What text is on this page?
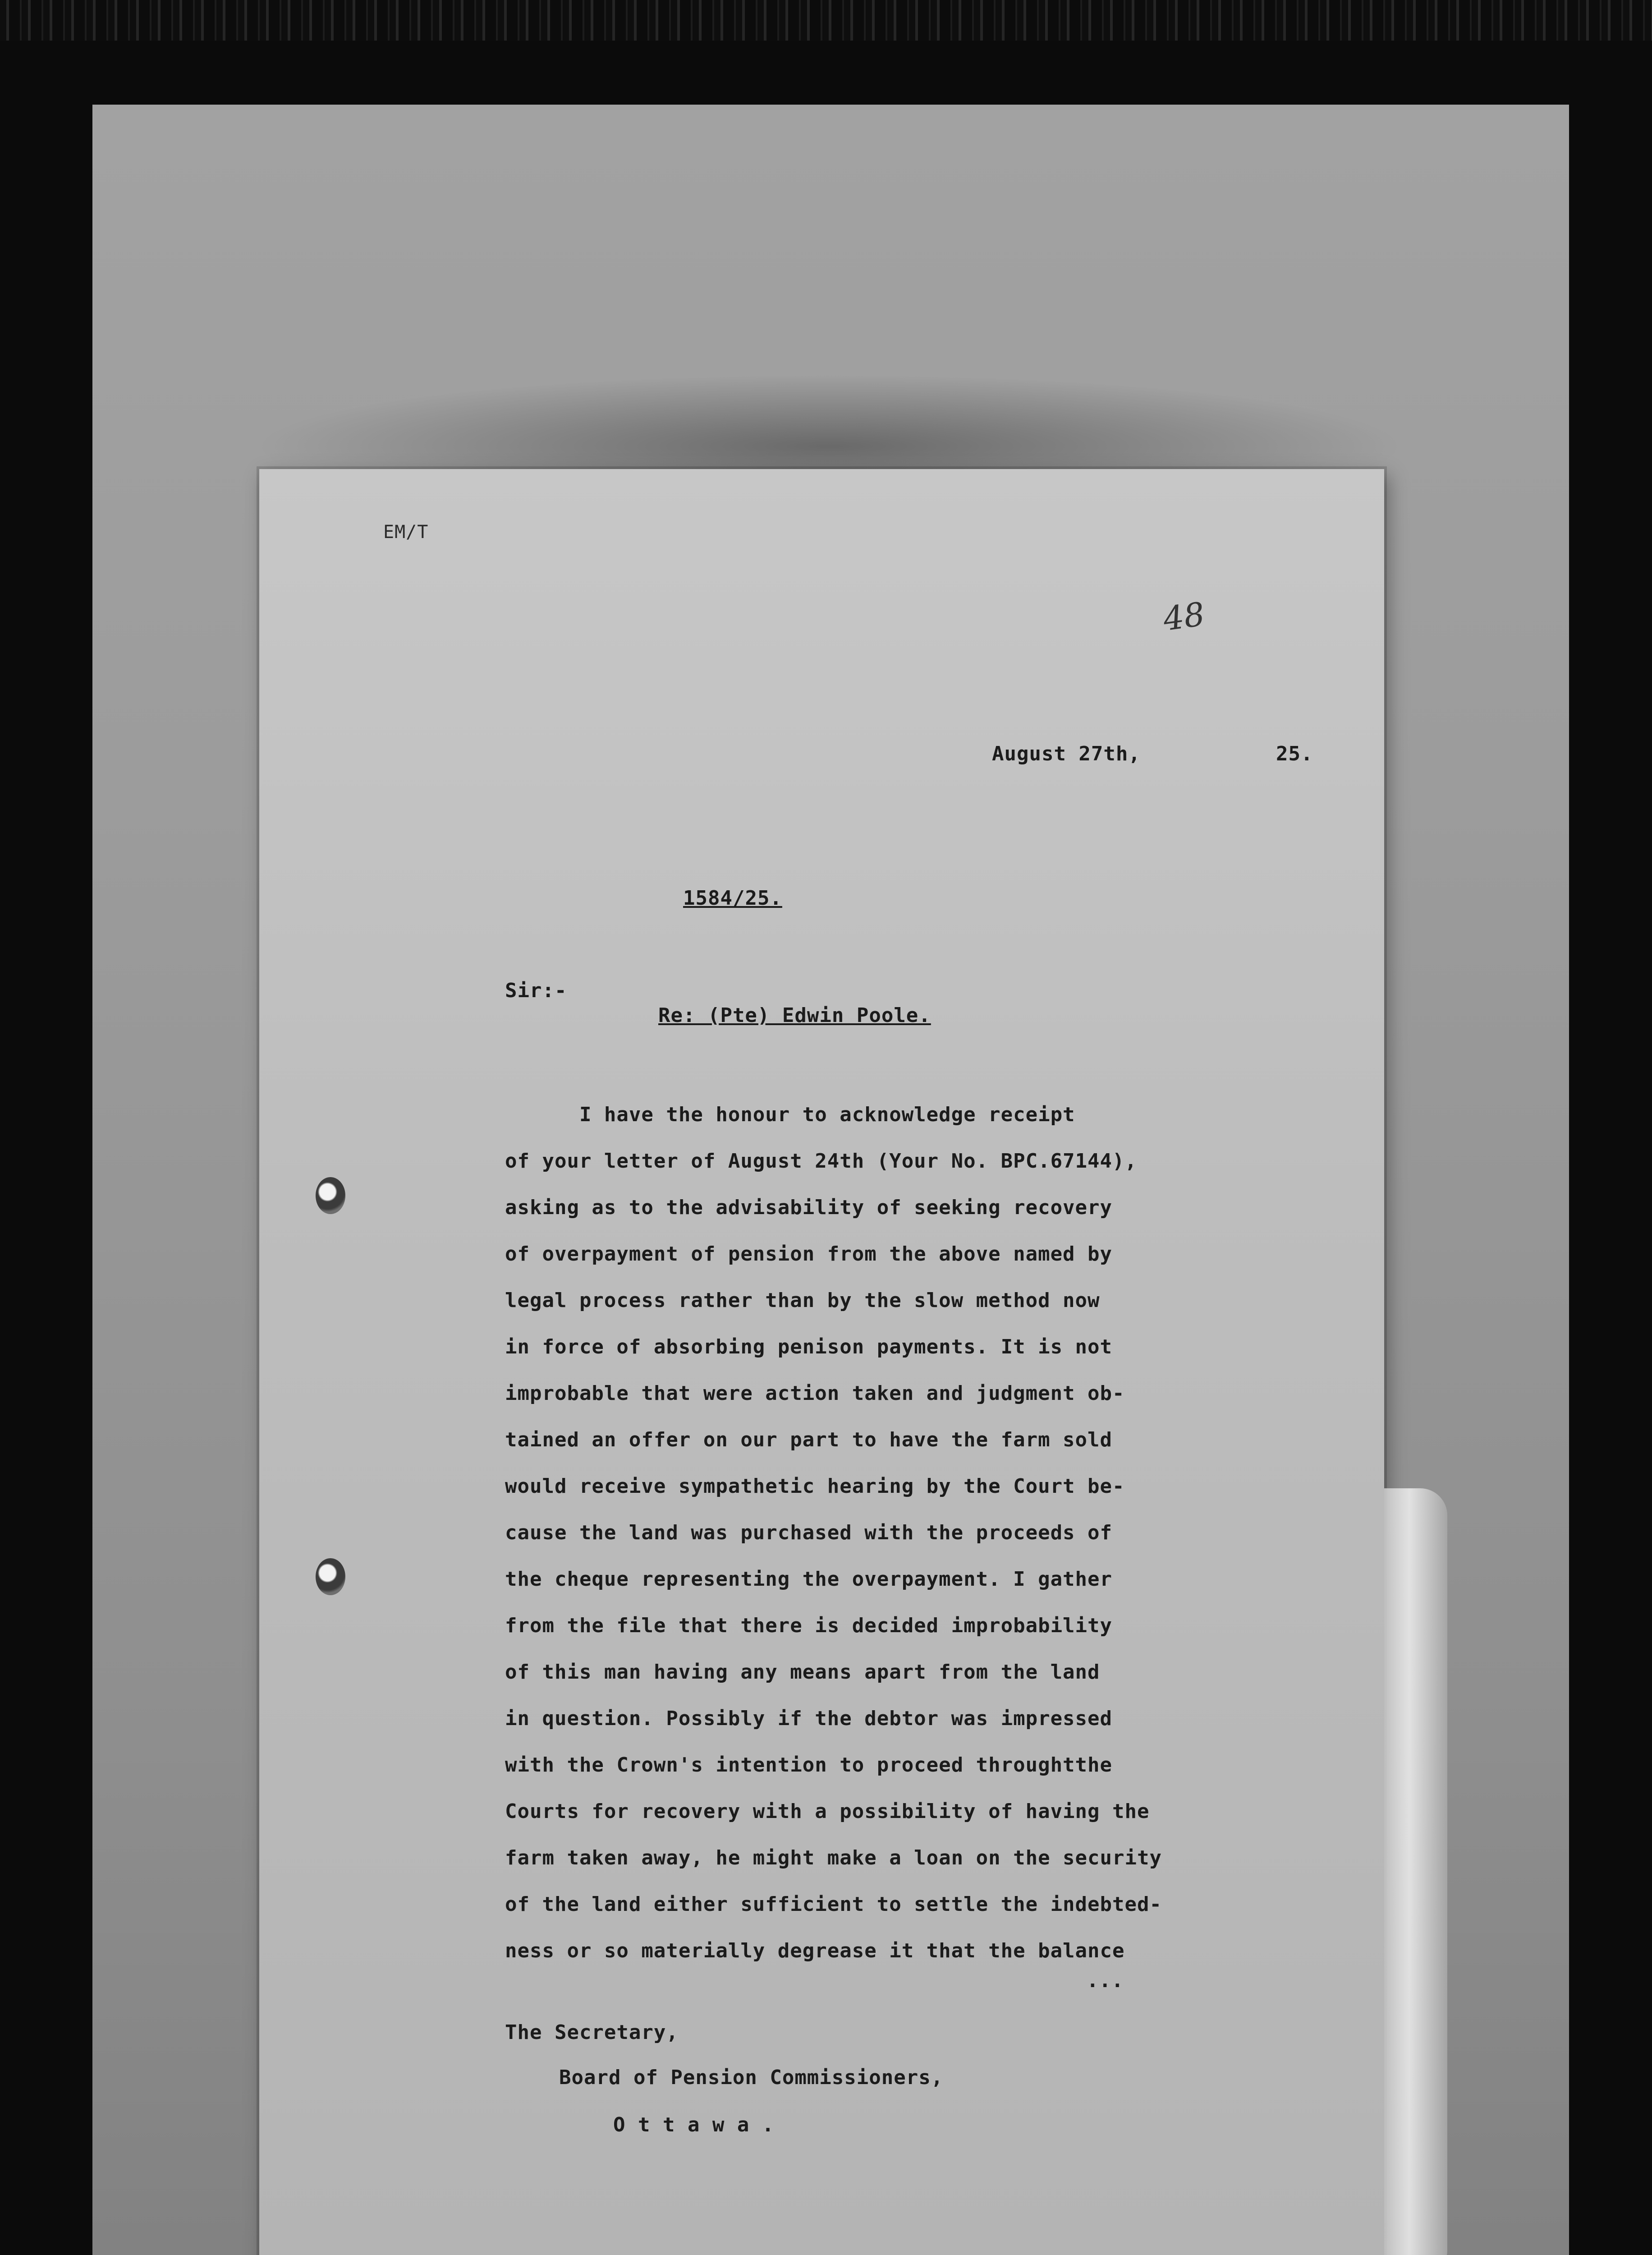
EM/T
48
August 27th,	25.
1584/25.
Sir:-
Re: (Pte) Edwin Poole.
I have the honour to acknowledge receipt
of your letter of August 24th (Your No. BPC.67144),
asking as to the advisability of seeking recovery
of overpayment of pension from the above named by
legal process rather than by the slow method now
in force of absorbing penison payments. It is not
improbable that were action taken and judgment ob-
tained an offer on our part to have the farm sold
would receive sympathetic hearing by the Court be-
cause the land was purchased with the proceeds of
the cheque representing the overpayment. I gather
from the file that there is decided improbability
of this man having any means apart from the land
in question. Possibly if the debtor was impressed
with the Crown's intention to proceed throughtthe
Courts for recovery with a possibility of having the
farm taken away, he might make a loan on the security
of the land either sufficient to settle the indebted-
ness or so materially degrease it that the balance
...
The Secretary,
Board of Pension Commissioners,
O t t a w a .
